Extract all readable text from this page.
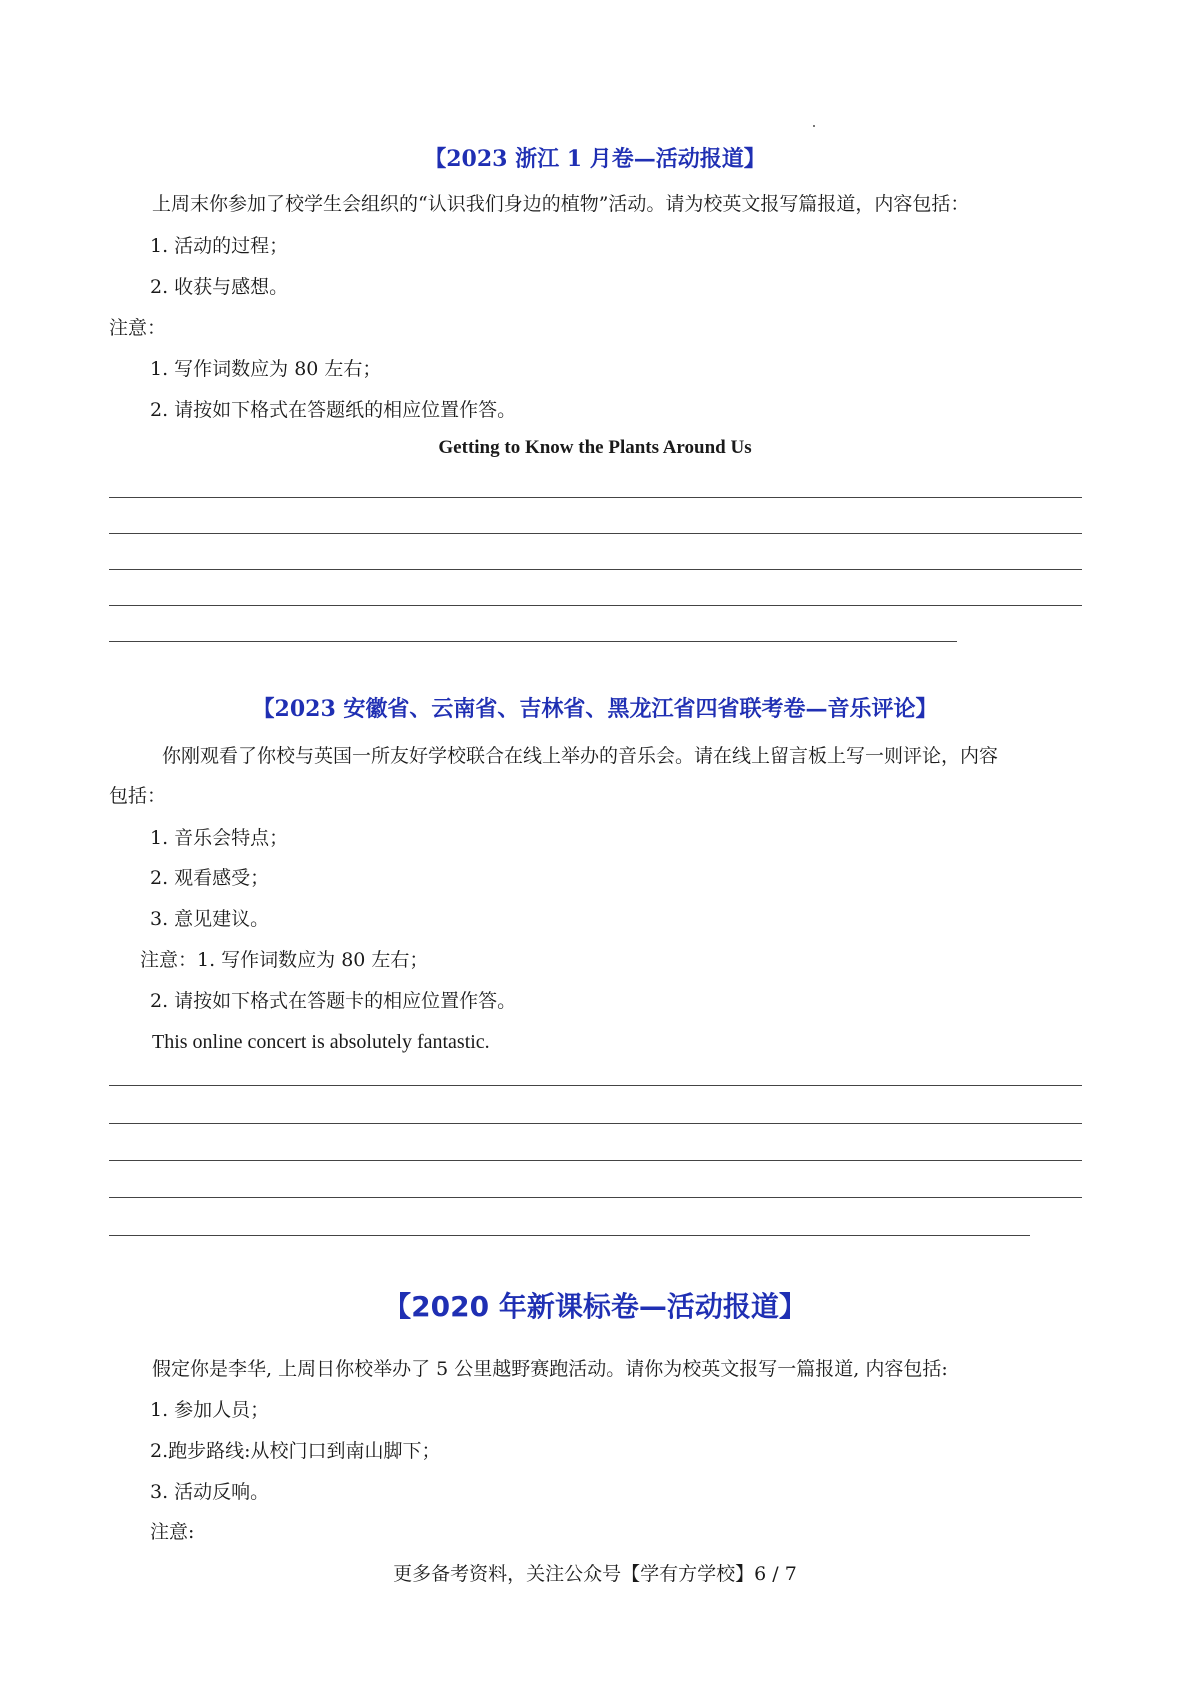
【2023 浙江 1 月卷—活动报道】
上周末你参加了校学生会组织的“认识我们身边的植物”活动。请为校英文报写篇报道，内容包括：
1. 活动的过程；
2. 收获与感想。
注意：
1. 写作词数应为 80 左右；
2. 请按如下格式在答题纸的相应位置作答。
Getting to Know the Plants Around Us
【2023 安徽省、云南省、吉林省、黑龙江省四省联考卷—音乐评论】
你刚观看了你校与英国一所友好学校联合在线上举办的音乐会。请在线上留言板上写一则评论，内容
包括：
1. 音乐会特点；
2. 观看感受；
3. 意见建议。
注意：1. 写作词数应为 80 左右；
2. 请按如下格式在答题卡的相应位置作答。
This online concert is absolutely fantastic.
【2020 年新课标卷—活动报道】
假定你是李华, 上周日你校举办了 5 公里越野赛跑活动。请你为校英文报写一篇报道, 内容包括:
1. 参加人员；
2.跑步路线:从校门口到南山脚下；
3. 活动反响。
注意:
更多备考资料，关注公众号【学有方学校】6 / 7
